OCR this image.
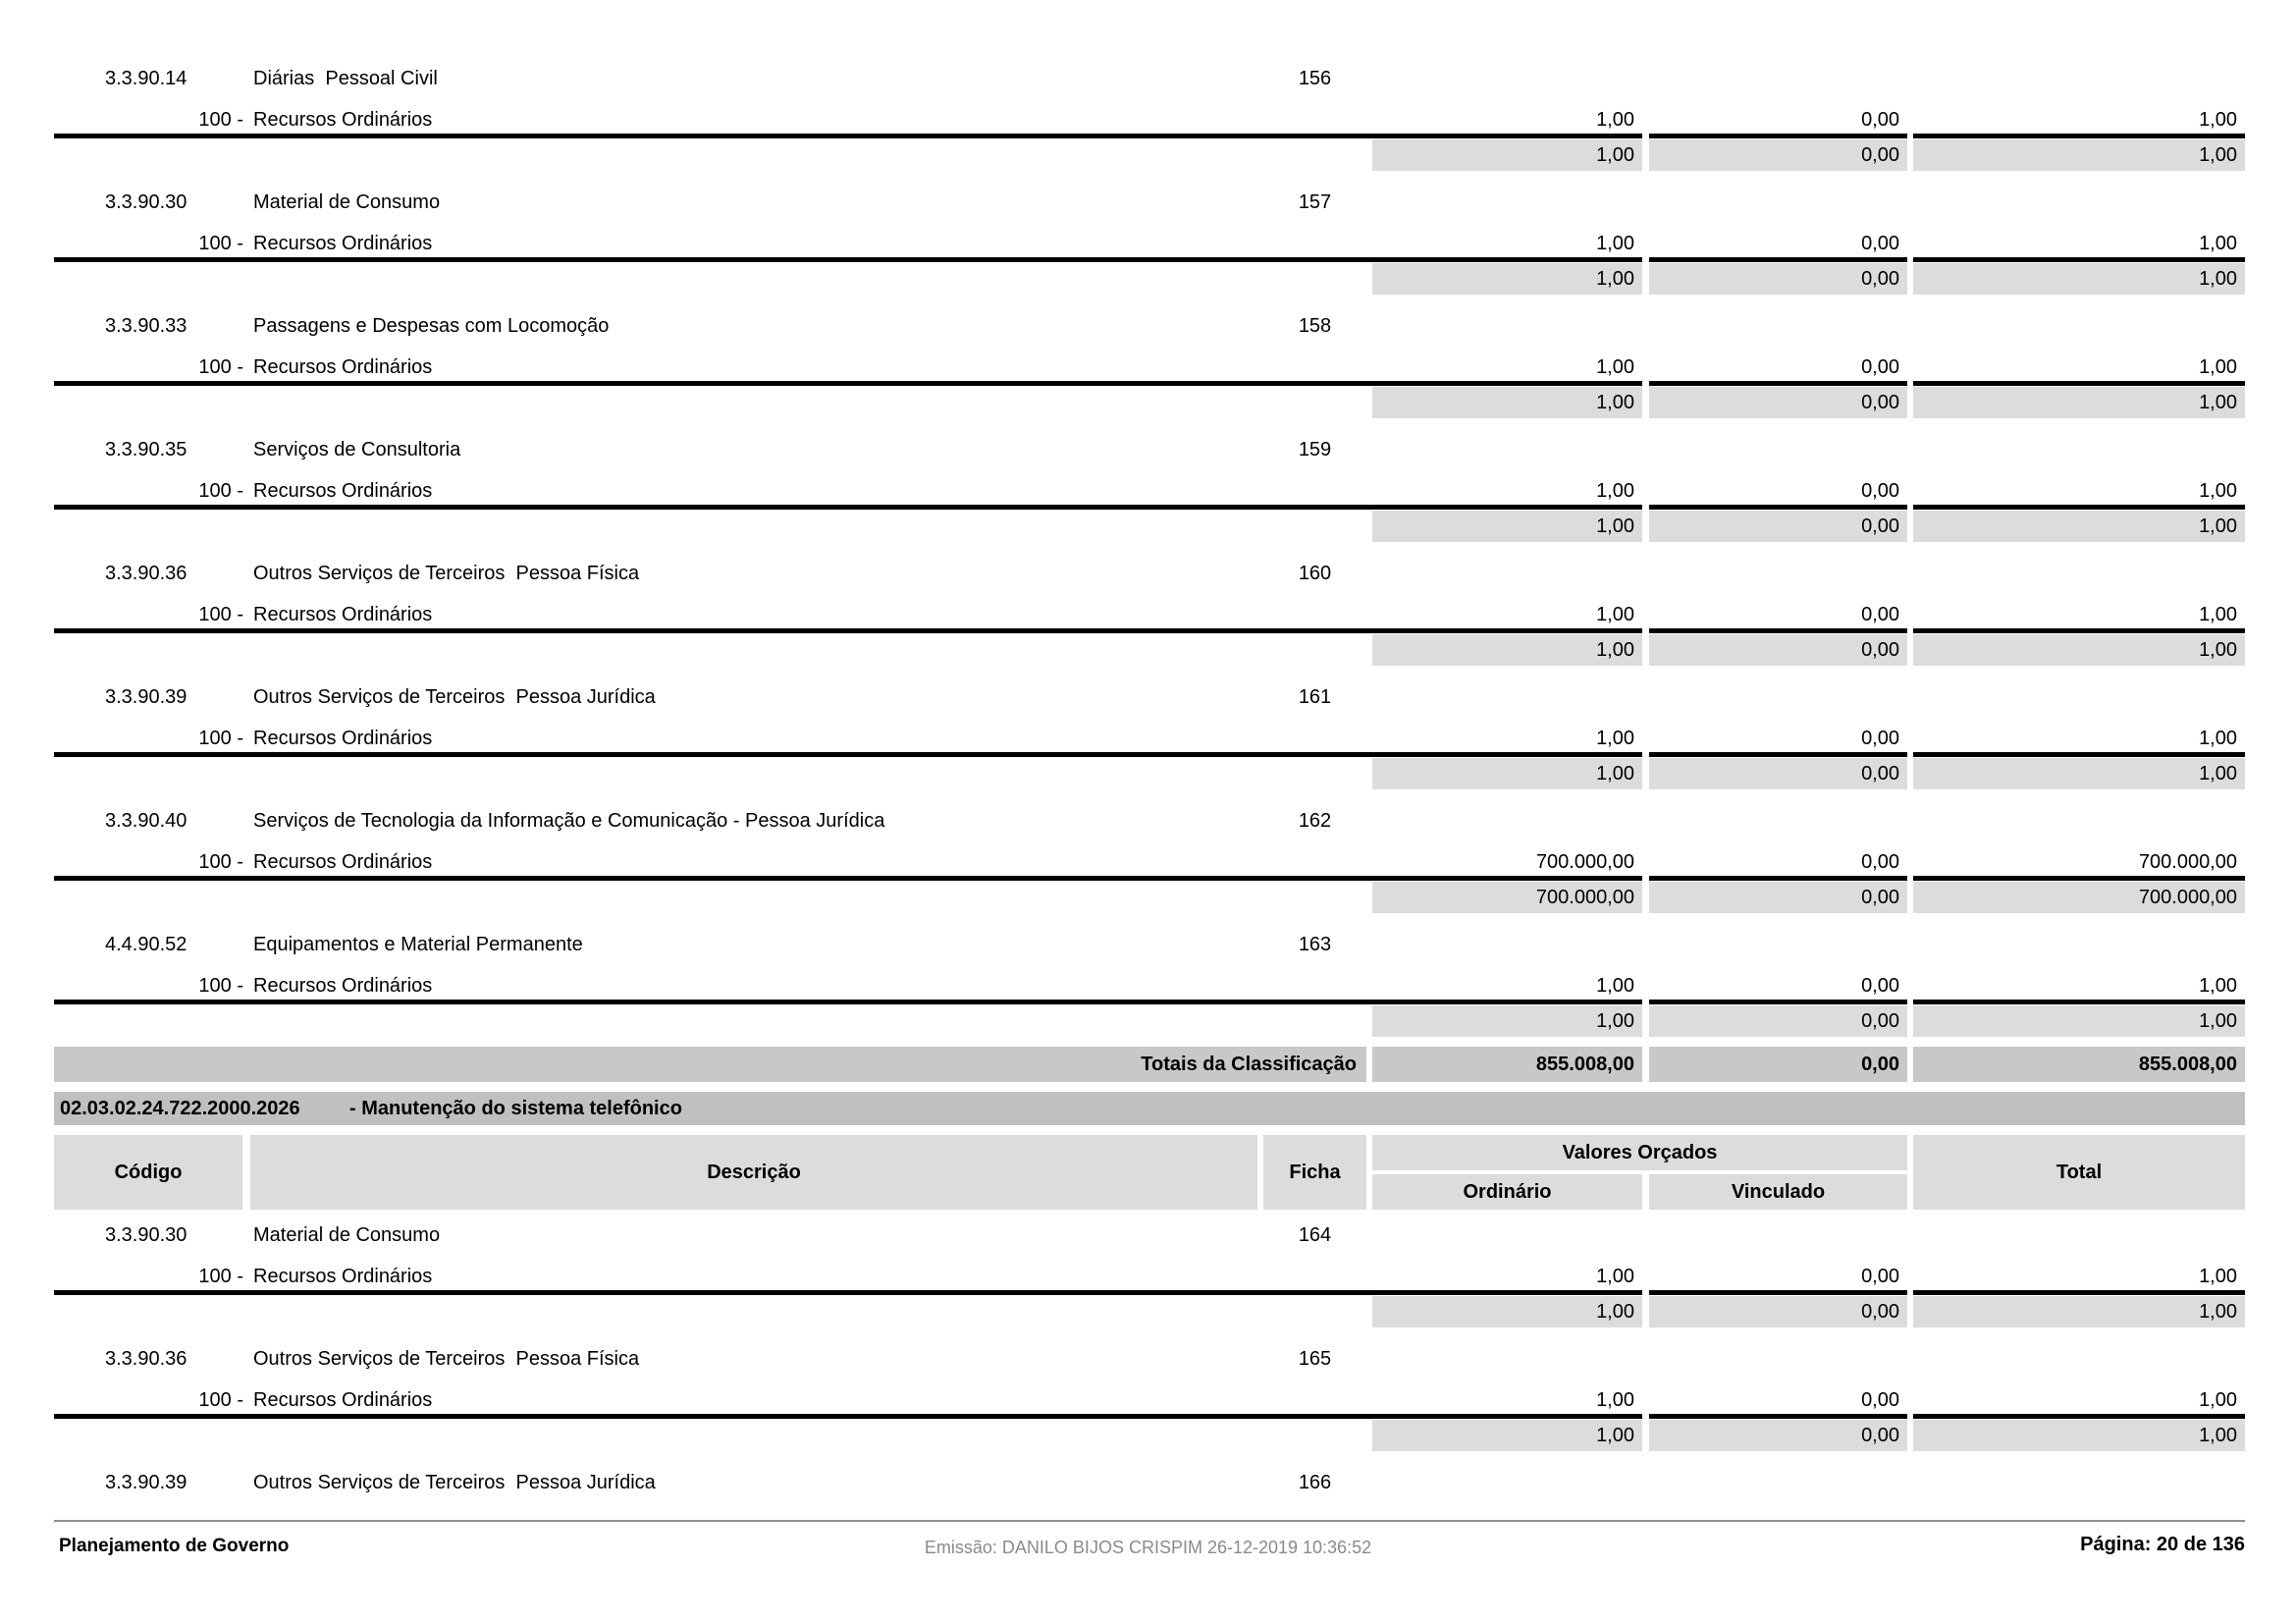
3.3.90.14	Diárias  Pessoal Civil	156
100 - Recursos Ordinários	1,00	0,00	1,00
1,00	0,00	1,00
3.3.90.30	Material de Consumo	157
100 - Recursos Ordinários	1,00	0,00	1,00
1,00	0,00	1,00
3.3.90.33	Passagens e Despesas com Locomoção	158
100 - Recursos Ordinários	1,00	0,00	1,00
1,00	0,00	1,00
3.3.90.35	Serviços de Consultoria	159
100 - Recursos Ordinários	1,00	0,00	1,00
1,00	0,00	1,00
3.3.90.36	Outros Serviços de Terceiros  Pessoa Física	160
100 - Recursos Ordinários	1,00	0,00	1,00
1,00	0,00	1,00
3.3.90.39	Outros Serviços de Terceiros  Pessoa Jurídica	161
100 - Recursos Ordinários	1,00	0,00	1,00
1,00	0,00	1,00
3.3.90.40	Serviços de Tecnologia da Informação e Comunicação - Pessoa Jurídica	162
100 - Recursos Ordinários	700.000,00	0,00	700.000,00
700.000,00	0,00	700.000,00
4.4.90.52	Equipamentos e Material Permanente	163
100 - Recursos Ordinários	1,00	0,00	1,00
1,00	0,00	1,00
Totais da Classificação	855.008,00	0,00	855.008,00
02.03.02.24.722.2000.2026	- Manutenção do sistema telefônico
Código	Descrição	Ficha
Valores Orçados
Ordinário	Vinculado
Total
3.3.90.30	Material de Consumo	164
100 - Recursos Ordinários	1,00	0,00	1,00
1,00	0,00	1,00
3.3.90.36	Outros Serviços de Terceiros  Pessoa Física	165
100 - Recursos Ordinários	1,00	0,00	1,00
1,00	0,00	1,00
3.3.90.39	Outros Serviços de Terceiros  Pessoa Jurídica	166
Planejamento de Governo	Emissão: DANILO BIJOS CRISPIM 26-12-2019 10:36:52	Página: 20 de 136
